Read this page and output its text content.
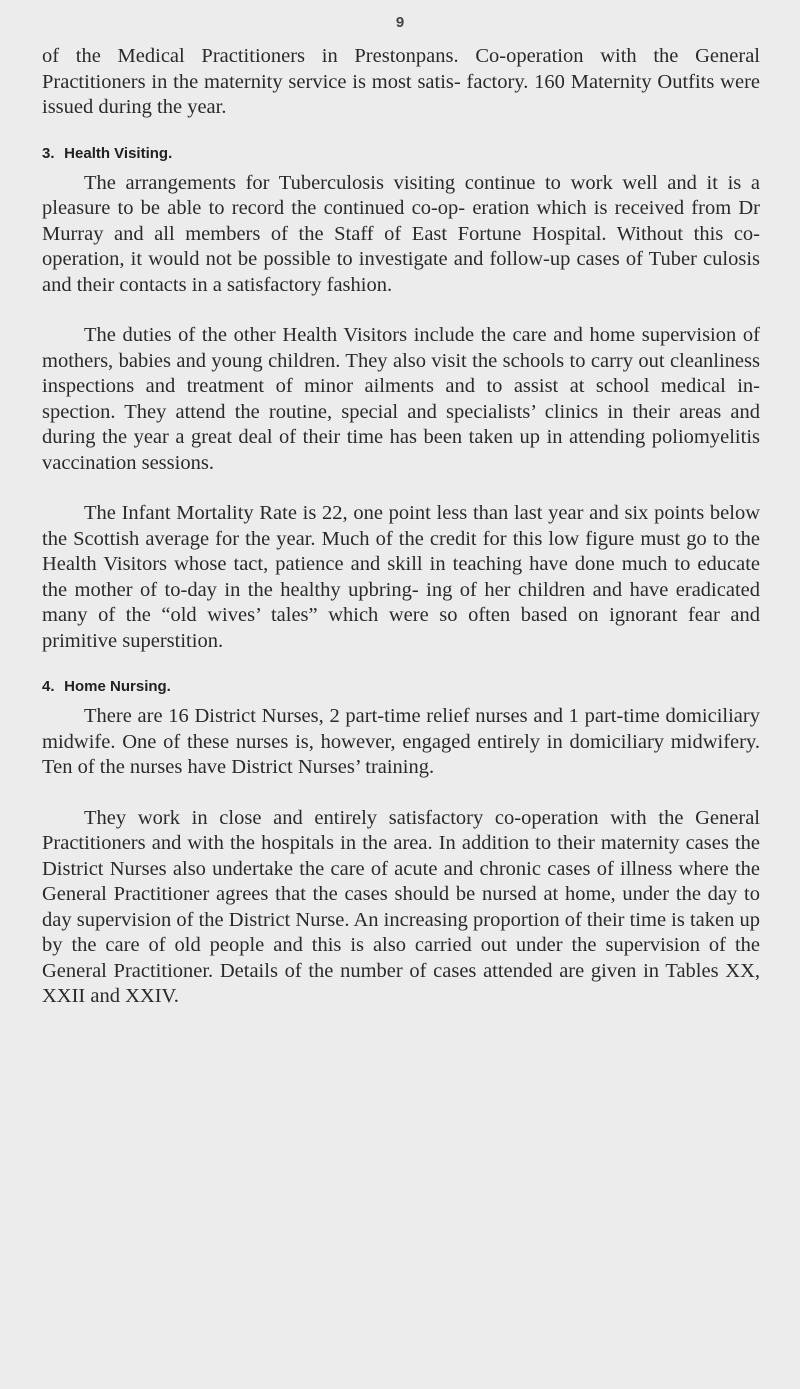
9

of the Medical Practitioners in Prestonpans. Co-operation with the General Practitioners in the maternity service is most satis- factory. 160 Maternity Outfits were issued during the year.

3. Health Visiting.

The arrangements for Tuberculosis visiting continue to work well and it is a pleasure to be able to record the continued co-op- eration which is received from Dr Murray and all members of the Staff of East Fortune Hospital. Without this co-operation, it would not be possible to investigate and follow-up cases of Tuber culosis and their contacts in a satisfactory fashion.

The duties of the other Health Visitors include the care and home supervision of mothers, babies and young children. They also visit the schools to carry out cleanliness inspections and treatment of minor ailments and to assist at school medical in- spection. They attend the routine, special and specialists’ clinics in their areas and during the year a great deal of their time has been taken up in attending poliomyelitis vaccination sessions.

The Infant Mortality Rate is 22, one point less than last year and six points below the Scottish average for the year. Much of the credit for this low figure must go to the Health Visitors whose tact, patience and skill in teaching have done much to educate the mother of to-day in the healthy upbring- ing of her children and have eradicated many of the “old wives’ tales” which were so often based on ignorant fear and primitive superstition.

4. Home Nursing.

There are 16 District Nurses, 2 part-time relief nurses and 1 part-time domiciliary midwife. One of these nurses is, however, engaged entirely in domiciliary midwifery. Ten of the nurses have District Nurses’ training.

They work in close and entirely satisfactory co-operation with the General Practitioners and with the hospitals in the area. In addition to their maternity cases the District Nurses also undertake the care of acute and chronic cases of illness where the General Practitioner agrees that the cases should be nursed at home, under the day to day supervision of the District Nurse. An increasing proportion of their time is taken up by the care of old people and this is also carried out under the supervision of the General Practitioner. Details of the number of cases attended are given in Tables XX, XXII and XXIV.
